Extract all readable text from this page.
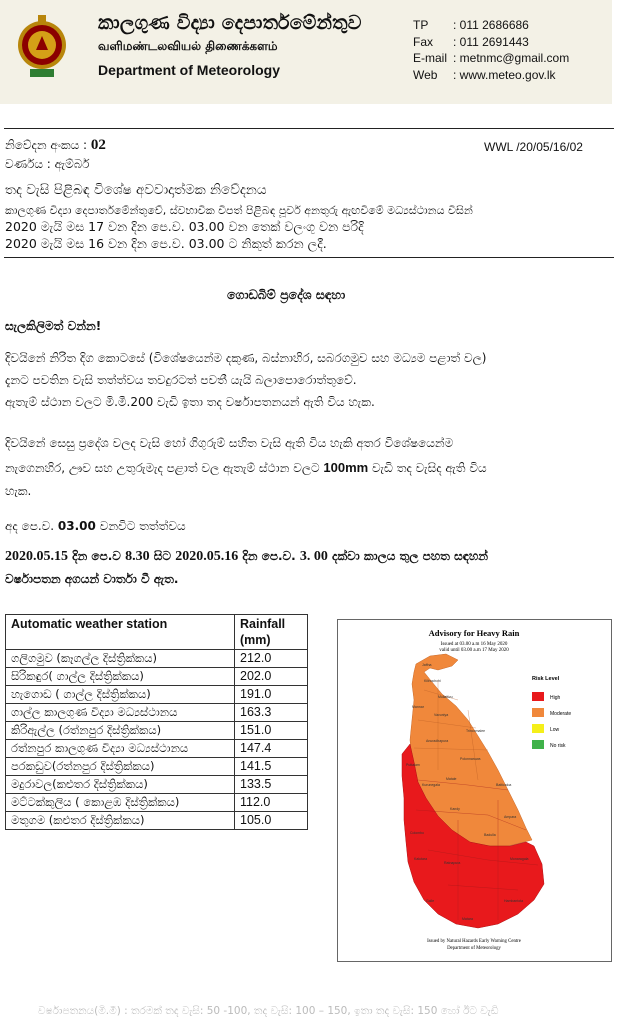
කාලගුණ විද්‍යා දෙපාර්තමේන්තුව
வளிமண்டலவியல் திணைக்களம்
Department of Meteorology
TP	: 011 2686686
Fax	: 011 2691443
E-mail : metnmc@gmail.com
Web	: www.meteo.gov.lk
නිවේදන අංකය : 02	WWL /20/05/16/02
වර්ණය : ඇම්බර්
තද වැසි පිළිබඳ විශේෂ අවවාදාත්මක නිවේදනය
කාලගුණ විද්‍යා දෙපාර්තමේන්තුවේ, ස්වභාවික විපත් පිළිබඳ පූර්ව අනතුරු ඇඟවීමේ මධ්‍යස්ථානය විසින්
2020 මැයි මස 17 වන දින පෙ.ව. 03.00 වන තෙක් වලංගු වන පරිදි
2020 මැයි මස 16 වන දින පෙ.ව. 03.00 ට නිකුත් කරන ලදී.
ගොඩබිම් ප්‍රදේශ සඳහා
සැලකිලිමත් වන්න!
දිවයිනේ නිරිත දිග කොටසේ (විශේෂයෙන්ම දකුණ, බස්නාහිර, සබරගමුව සහ මධ්‍යම පළාත් වල)
දැනට පවතින වැසි තත්ත්වය තවදුරටත් පවතී යැයි බලාපොරොත්තුවේ.
ඇතැම් ස්ථාන වලට මි.මී.200 වැඩි ඉතා තද වර්ෂාපතනයන් ඇති විය හැක.
දිවයිනේ සෙසු ප්‍රදේශ වලද වැසි හෝ ගිගුරුම් සහිත වැසි ඇති විය හැකි අතර විශේෂයෙන්ම
නැගෙනහිර, ඌව සහ උතුරුමැද පළාත් වල ඇතැම් ස්ථාන වලට 100mm වැඩි තද වැසිද ඇති විය
හැක.
අද පෙ.ව. 03.00 වනවිට තත්ත්වය
2020.05.15 දින පෙ.ව 8.30 සිට 2020.05.16 දින පෙ.ව. 3. 00 දක්වා කාලය තුල පහත සඳහන්
වර්ෂාපතන අගයන් වාර්තා වී ඇත.
Automatic weather station	Rainfall (mm)
ගලිගමුව (කෑගල්ල දිස්ත්‍රික්කය)	212.0
සිරිකඳුර( ගාල්ල දිස්ත්‍රික්කය)	202.0
හැගොඩ ( ගාල්ල දිස්ත්‍රික්කය)	191.0
ගාල්ල කාලගුණ විද්‍යා මධ්‍යස්ථානය	163.3
කිරිඇල්ල (රත්නපුර දිස්ත්‍රික්කය)	151.0
රත්නපුර කාලගුණ විද්‍යා මධ්‍යස්ථානය	147.4
පරකඩුව(රත්නපුර දිස්ත්‍රික්කය)	141.5
මදුරාවල(කළුතර දිස්ත්‍රික්කය)	133.5
මට්ටක්කුලිය ( කොළඹ දිස්ත්‍රික්කය)	112.0
මතුගම (කළුතර දිස්ත්‍රික්කය)	105.0
Advisory for Heavy Rain
Issued at 03.00 a.m 16 May 2020
valid until 03.00 a.m 17 May 2020
Jaffna
Kilinochchi
Mullaitivu
Mannar
Vavuniya
Trincomalee
Anuradhapura
Polonnaruwa
Puttalam
Kurunegala
Matale
Batticaloa
Ampara
Kandy
Badulla
Monaragala
Colombo
Kalutara
Ratnapura
Galle
Matara
Hambantota
Risk Level
High
Moderate
Low
No risk
Issued by Natural Hazards Early Warning Centre
Department of Meteorology
වර්ෂාපතනය(මි.මී) : තරමක් තද වැසි: 50 -100, තද වැසි: 100 – 150, ඉතා තද වැසි: 150 හෝ ඊට වැඩි
